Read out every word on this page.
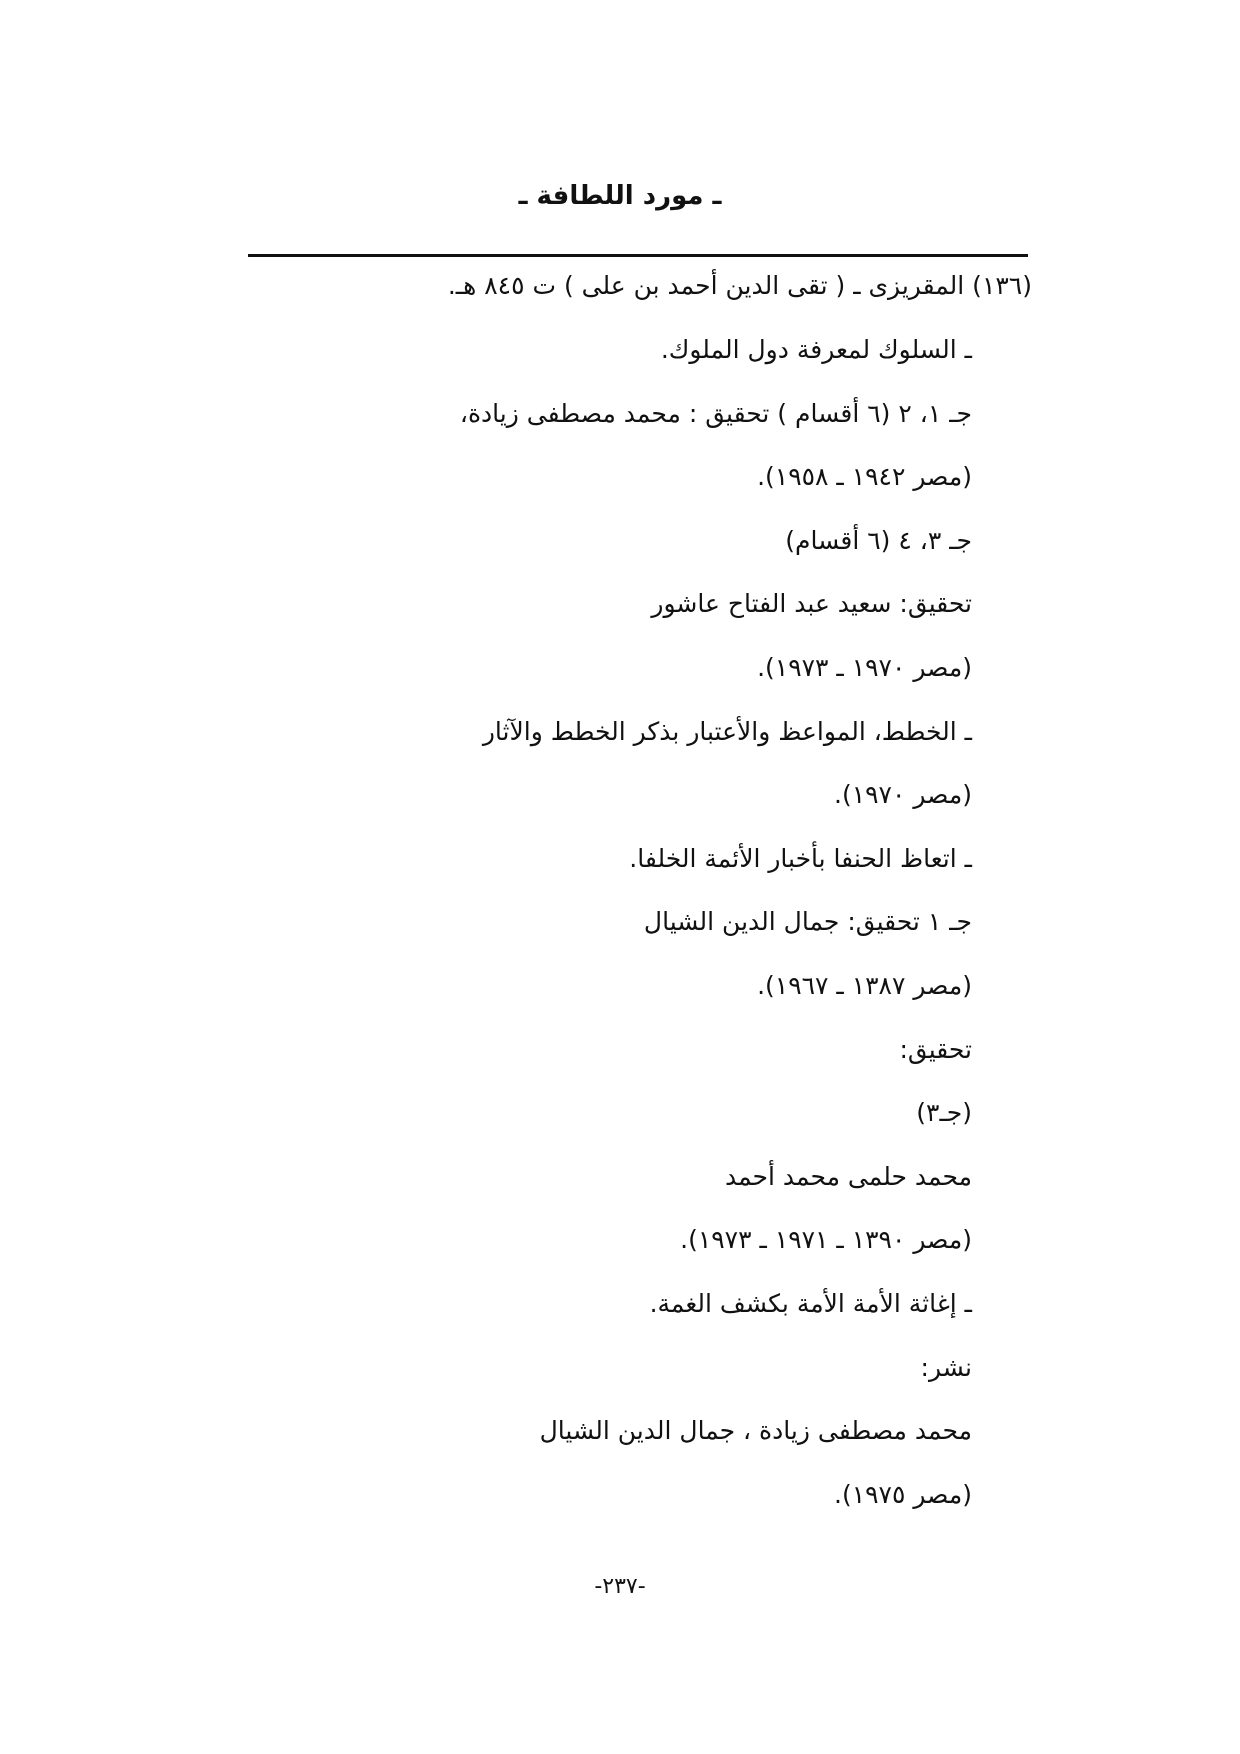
ـ مورد اللطافة ـ
(١٣٦) المقريزى ـ ( تقى الدين أحمد بن على ) ت ٨٤٥ هـ.
ـ السلوك لمعرفة دول الملوك.
جـ ١، ٢ (٦ أقسام ) تحقيق : محمد مصطفى زيادة،
(مصر ١٩٤٢ ـ ١٩٥٨).
جـ ٣، ٤ (٦ أقسام)
تحقيق: سعيد عبد الفتاح عاشور
(مصر ١٩٧٠ ـ ١٩٧٣).
ـ الخطط، المواعظ والأعتبار بذكر الخطط والآثار
(مصر ١٩٧٠).
ـ اتعاظ الحنفا بأخبار الأئمة الخلفا.
جـ ١ تحقيق: جمال الدين الشيال
(مصر ١٣٨٧ ـ ١٩٦٧).
تحقيق:
(جـ٣)
محمد حلمى محمد أحمد
(مصر ١٣٩٠ ـ ١٩٧١ ـ ١٩٧٣).
ـ إغاثة الأمة الأمة بكشف الغمة.
نشر:
محمد مصطفى زيادة ، جمال الدين الشيال
(مصر ١٩٧٥).
-٢٣٧-
